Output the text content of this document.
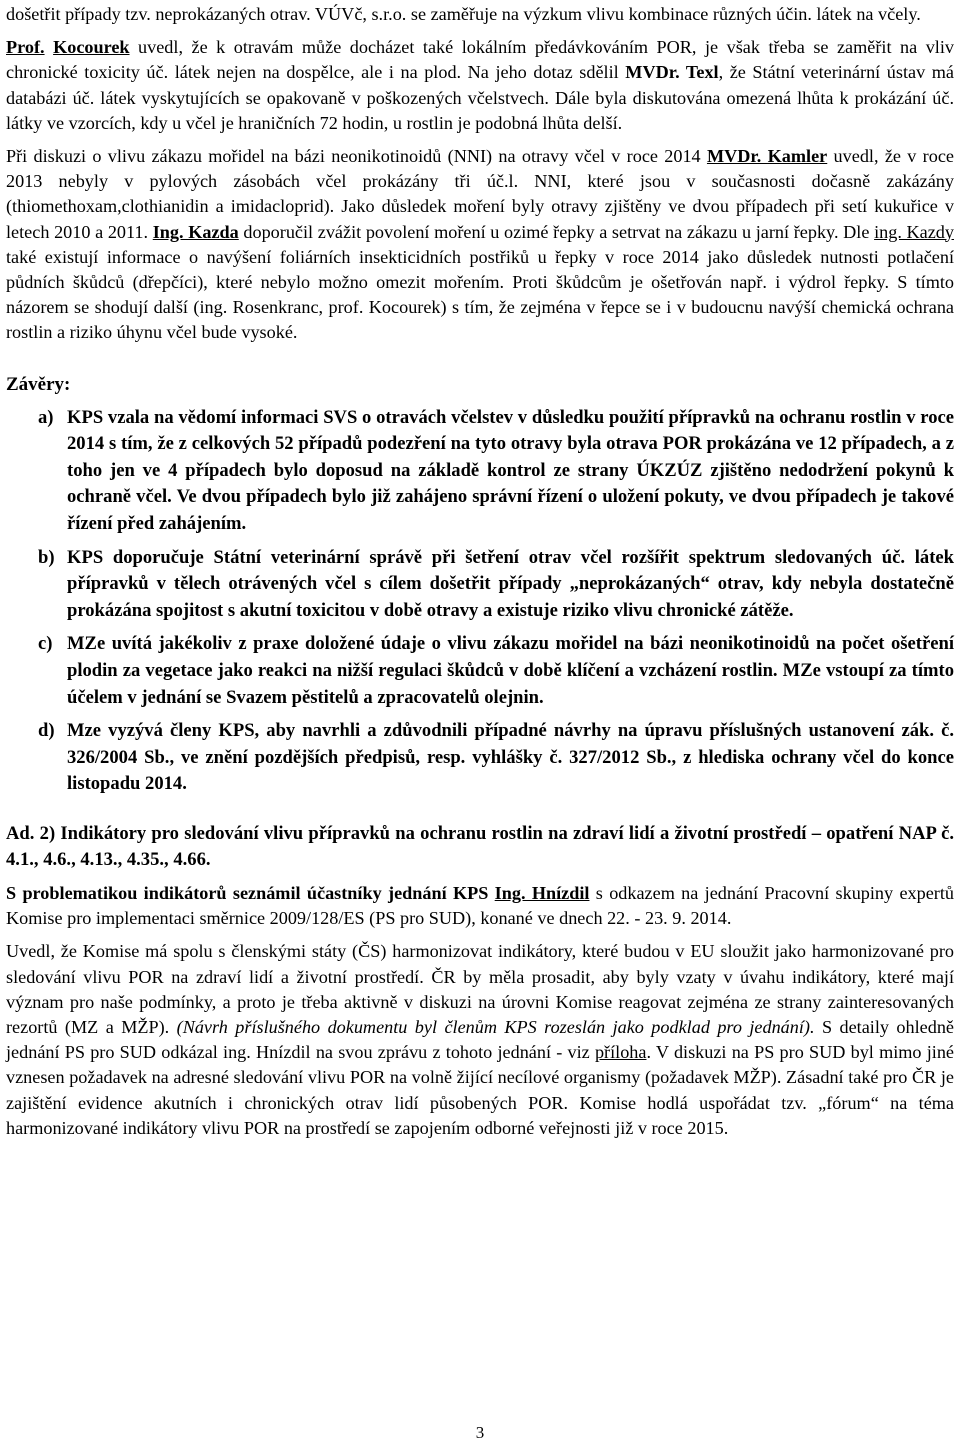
došetřit případy tzv. neprokázaných otrav. VÚVč, s.r.o. se zaměřuje na výzkum vlivu kombinace různých účin. látek na včely.

Prof. Kocourek uvedl, že k otravám může docházet také lokálním předávkováním POR, je však třeba se zaměřit na vliv chronické toxicity úč. látek nejen na dospělce, ale i na plod. Na jeho dotaz sdělil MVDr. Texl, že Státní veterinární ústav má databázi úč. látek vyskytujících se opakovaně v poškozených včelstvech. Dále byla diskutována omezená lhůta k prokázání úč. látky ve vzorcích, kdy u včel je hraničních 72 hodin, u rostlin je podobná lhůta delší.

Při diskuzi o vlivu zákazu mořidel na bázi neonikotinoidů (NNI) na otravy včel v roce 2014 MVDr. Kamler uvedl, že v roce 2013 nebyly v pylových zásobách včel prokázány tři úč.l. NNI, které jsou v současnosti dočasně zakázány (thiomethoxam,clothianidin a imidacloprid). Jako důsledek moření byly otravy zjištěny ve dvou případech při setí kukuřice v letech 2010 a 2011. Ing. Kazda doporučil zvážit povolení moření u ozimé řepky a setrvat na zákazu u jarní řepky. Dle ing. Kazdy také existují informace o navýšení foliárních insekticidních postřiků u řepky v roce 2014 jako důsledek nutnosti potlačení půdních škůdců (dřepčíci), které nebylo možno omezit mořením. Proti škůdcům je ošetřován např. i výdrol řepky. S tímto názorem se shodují další (ing. Rosenkranc, prof. Kocourek) s tím, že zejména v řepce se i v budoucnu navýší chemická ochrana rostlin a riziko úhynu včel bude vysoké.

Závěry:

a) KPS vzala na vědomí informaci SVS o otravách včelstev v důsledku použití přípravků na ochranu rostlin v roce 2014 s tím, že z celkových 52 případů podezření na tyto otravy byla otrava POR prokázána ve 12 případech, a z toho jen ve 4 případech bylo doposud na základě kontrol ze strany ÚKZÚZ zjištěno nedodržení pokynů k ochraně včel. Ve dvou případech bylo již zahájeno správní řízení o uložení pokuty, ve dvou případech je takové řízení před zahájením.
b) KPS doporučuje Státní veterinární správě při šetření otrav včel rozšířit spektrum sledovaných úč. látek přípravků v tělech otrávených včel s cílem došetřit případy „neprokázaných“ otrav, kdy nebyla dostatečně prokázána spojitost s akutní toxicitou v době otravy a existuje riziko vlivu chronické zátěže.
c) MZe uvítá jakékoliv z praxe doložené údaje o vlivu zákazu mořidel na bázi neonikotinoidů na počet ošetření plodin za vegetace jako reakci na nižší regulaci škůdců v době klíčení a vzcházení rostlin. MZe vstoupí za tímto účelem v jednání se Svazem pěstitelů a zpracovatelů olejnin.
d) Mze vyzývá členy KPS, aby navrhli a zdůvodnili případné návrhy na úpravu příslušných ustanovení zák. č. 326/2004 Sb., ve znění pozdějších předpisů, resp. vyhlášky č. 327/2012 Sb., z hlediska ochrany včel do konce listopadu 2014.

Ad. 2) Indikátory pro sledování vlivu přípravků na ochranu rostlin na zdraví lidí a životní prostředí – opatření NAP č. 4.1., 4.6., 4.13., 4.35., 4.66.

S problematikou indikátorů seznámil účastníky jednání KPS Ing. Hnízdil s odkazem na jednání Pracovní skupiny expertů Komise pro implementaci směrnice 2009/128/ES (PS pro SUD), konané ve dnech 22. - 23. 9. 2014.

Uvedl, že Komise má spolu s členskými státy (ČS) harmonizovat indikátory, které budou v EU sloužit jako harmonizované pro sledování vlivu POR na zdraví lidí a životní prostředí. ČR by měla prosadit, aby byly vzaty v úvahu indikátory, které mají význam pro naše podmínky, a proto je třeba aktivně v diskuzi na úrovni Komise reagovat zejména ze strany zainteresovaných rezortů (MZ a MŽP). (Návrh příslušného dokumentu byl členům KPS rozeslán jako podklad pro jednání). S detaily ohledně jednání PS pro SUD odkázal ing. Hnízdil na svou zprávu z tohoto jednání - viz příloha. V diskuzi na PS pro SUD byl mimo jiné vznesen požadavek na adresné sledování vlivu POR na volně žijící necílové organismy (požadavek MŽP). Zásadní také pro ČR je zajištění evidence akutních i chronických otrav lidí působených POR. Komise hodlá uspořádat tzv. „fórum“ na téma harmonizované indikátory vlivu POR na prostředí se zapojením odborné veřejnosti již v roce 2015.

3
